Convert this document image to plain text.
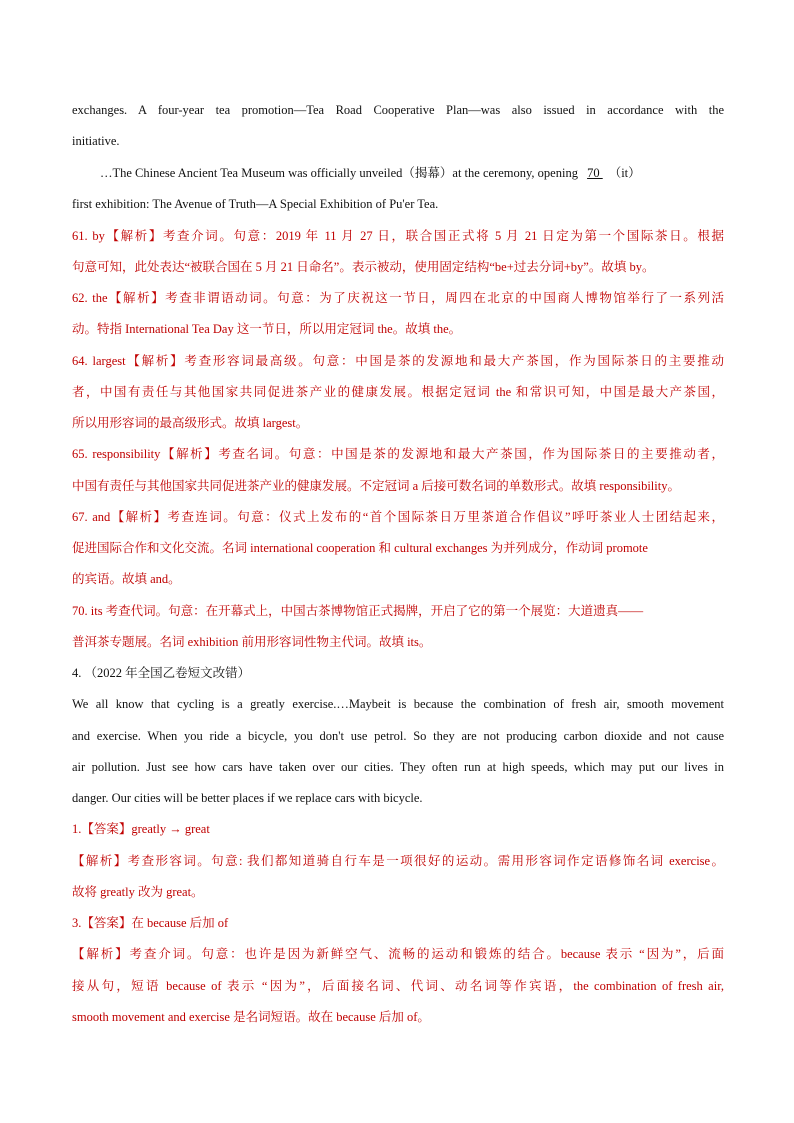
exchanges. A four-year tea promotion—Tea Road Cooperative Plan—was also issued in accordance with the
initiative.
…The Chinese Ancient Tea Museum was officially unveiled（揭幕）at the ceremony, opening 70 （it）
first exhibition: The Avenue of Truth—A Special Exhibition of Pu'er Tea.
61. by【解析】考查介词。句意：2019 年 11 月 27 日，联合国正式将 5 月 21 日定为第一个国际茶日。根据
句意可知，此处表达“被联合国在 5 月 21 日命名”。表示被动，使用固定结构“be+过去分词+by”。故填 by。
62. the【解析】考查非谓语动词。句意：为了庆祝这一节日，周四在北京的中国商人博物馆举行了一系列活
动。特指 International Tea Day 这一节日，所以用定冠词 the。故填 the。
64. largest【解析】考查形容词最高级。句意：中国是茶的发源地和最大产茶国，作为国际茶日的主要推动
者，中国有责任与其他国家共同促进茶产业的健康发展。根据定冠词 the 和常识可知，中国是最大产茶国，
所以用形容词的最高级形式。故填 largest。
65. responsibility【解析】考查名词。句意：中国是茶的发源地和最大产茶国，作为国际茶日的主要推动者，
中国有责任与其他国家共同促进茶产业的健康发展。不定冠词 a 后接可数名词的单数形式。故填 responsibility。
67. and【解析】考查连词。句意：仪式上发布的“首个国际茶日万里茶道合作倡议”呼吁茶业人士团结起来，
促进国际合作和文化交流。名词 international cooperation 和 cultural exchanges 为并列成分，作动词 promote
的宾语。故填 and。
70. its 考查代词。句意：在开幕式上，中国古茶博物馆正式揭牌，开启了它的第一个展览：大道遗真——
普洱茶专题展。名词 exhibition 前用形容词性物主代词。故填 its。
4. （2022 年全国乙卷短文改错）
We all know that cycling is a greatly exercise.…Maybeit is because the combination of fresh air, smooth movement
and exercise. When you ride a bicycle, you don't use petrol. So they are not producing carbon dioxide and not cause
air pollution. Just see how cars have taken over our cities. They often run at high speeds, which may put our lives in
danger. Our cities will be better places if we replace cars with bicycle.
1.【答案】greatly → great
【解析】考查形容词。句意: 我们都知道骑自行车是一项很好的运动。需用形容词作定语修饰名词 exercise。
故将 greatly 改为 great。
3.【答案】在 because 后加 of
【解析】考查介词。句意：也许是因为新鲜空气、流畅的运动和锻炼的结合。because 表示 “因为”，后面
接从句，短语 because of 表示 “因为”，后面接名词、代词、动名词等作宾语，the combination of fresh air,
smooth movement and exercise 是名词短语。故在 because 后加 of。
